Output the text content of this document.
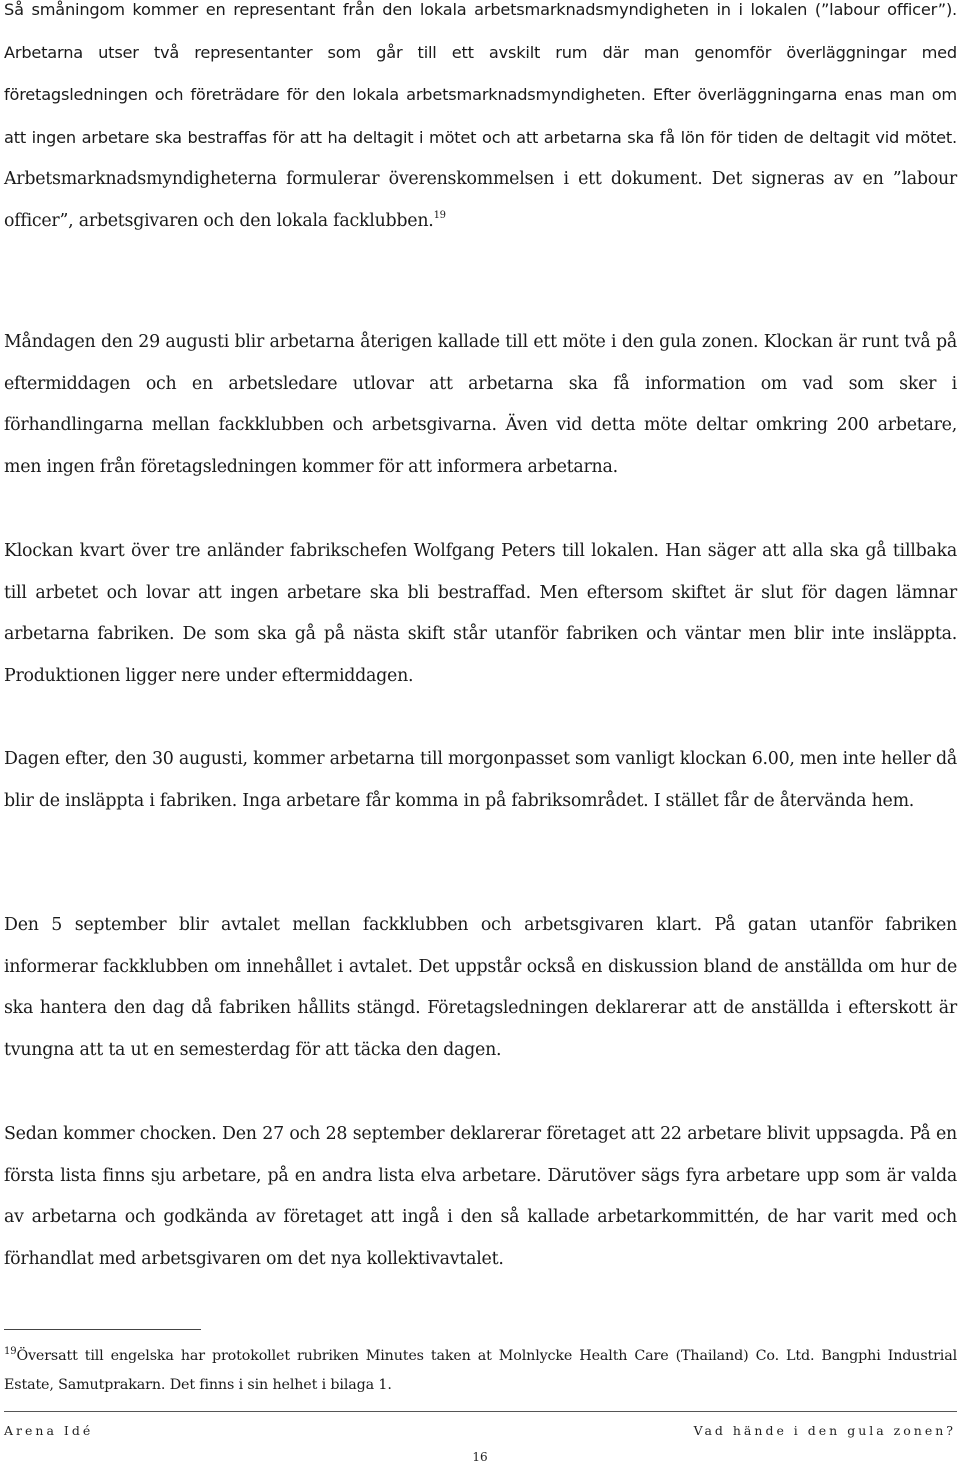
Så småningom kommer en representant från den lokala arbetsmarknadsmyndigheten in i lokalen (”labour officer”). Arbetarna utser två representanter som går till ett avskilt rum där man genomför överläggningar med företagsledningen och företrädare för den lokala arbetsmarknadsmyndigheten. Efter överläggningarna enas man om att ingen arbetare ska bestraffas för att ha deltagit i mötet och att arbetarna ska få lön för tiden de deltagit vid mötet. Arbetsmarknadsmyndigheterna formulerar överenskommelsen i ett dokument. Det signeras av en ”labour officer”, arbetsgivaren och den lokala facklubben.$^{19}$

Måndagen den 29 augusti blir arbetarna återigen kallade till ett möte i den gula zonen. Klockan är runt två på eftermiddagen och en arbetsledare utlovar att arbetarna ska få information om vad som sker i förhandlingarna mellan fackklubben och arbetsgivarna. Även vid detta möte deltar omkring 200 arbetare, men ingen från företagsledningen kommer för att informera arbetarna.

Klockan kvart över tre anländer fabrikschefen Wolfgang Peters till lokalen. Han säger att alla ska gå tillbaka till arbetet och lovar att ingen arbetare ska bli bestraffad. Men eftersom skiftet är slut för dagen lämnar arbetarna fabriken. De som ska gå på nästa skift står utanför fabriken och väntar men blir inte insläppta. Produktionen ligger nere under eftermiddagen.

Dagen efter, den 30 augusti, kommer arbetarna till morgonpasset som vanligt klockan 6.00, men inte heller då blir de insläppta i fabriken. Inga arbetare får komma in på fabriksområdet. I stället får de återvända hem.

Den 5 september blir avtalet mellan fackklubben och arbetsgivaren klart. På gatan utanför fabriken informerar fackklubben om innehållet i avtalet. Det uppstår också en diskussion bland de anställda om hur de ska hantera den dag då fabriken hållits stängd. Företagsledningen deklarerar att de anställda i efterskott är tvungna att ta ut en semesterdag för att täcka den dagen.

Sedan kommer chocken. Den 27 och 28 september deklarerar företaget att 22 arbetare blivit uppsagda. På en första lista finns sju arbetare, på en andra lista elva arbetare. Därutöver sägs fyra arbetare upp som är valda av arbetarna och godkända av företaget att ingå i den så kallade arbetarkommittén, de har varit med och förhandlat med arbetsgivaren om det nya kollektivavtalet.

$^{19}$Översatt till engelska har protokollet rubriken Minutes taken at Molnlycke Health Care (Thailand) Co. Ltd. Bangphi Industrial Estate, Samutprakarn. Det finns i sin helhet i bilaga 1.

Arena Idé	Vad hände i den gula zonen?
16
